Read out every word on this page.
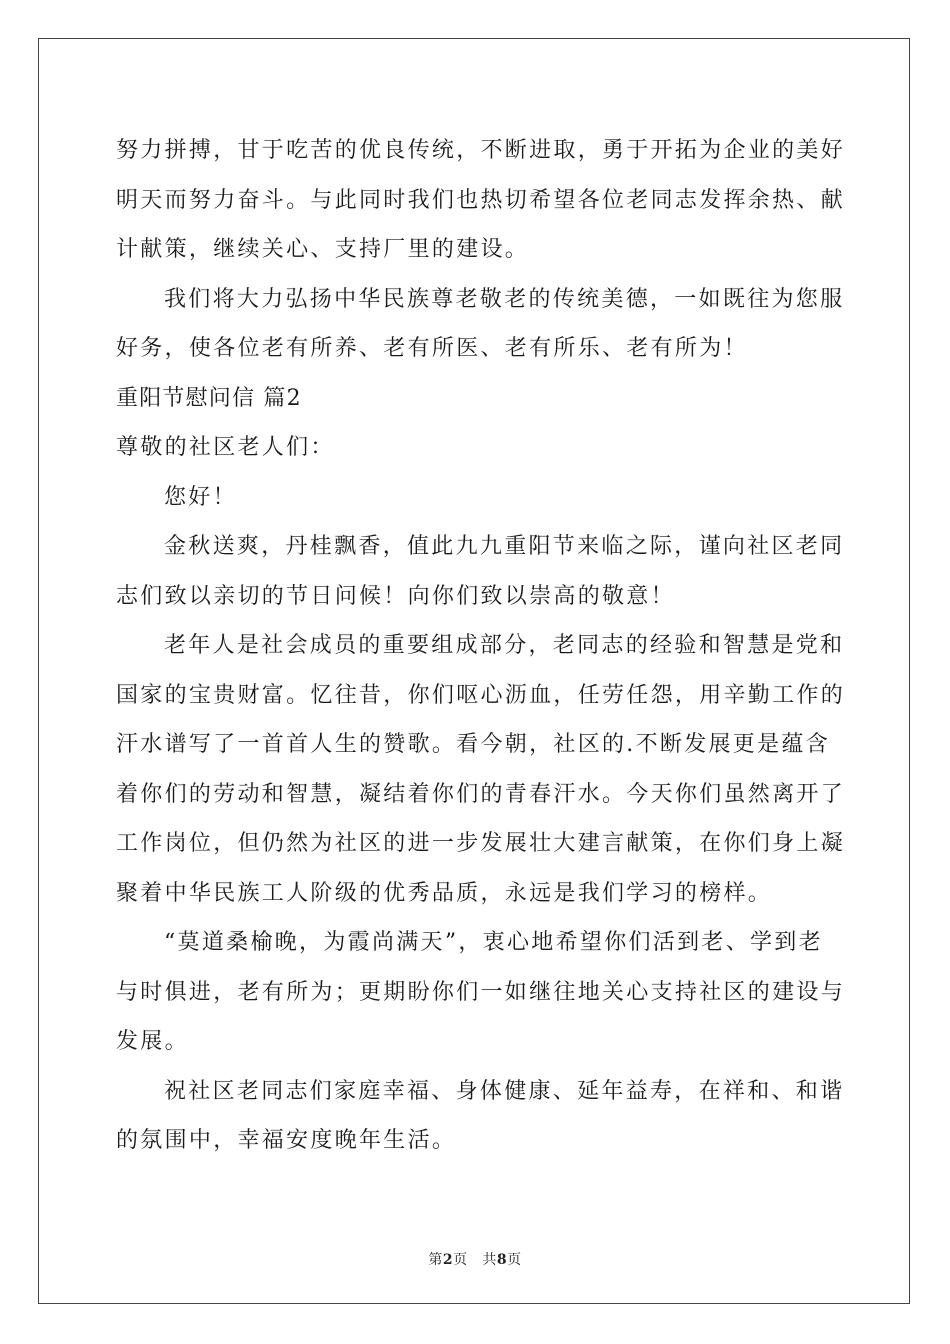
努力拼搏，甘于吃苦的优良传统，不断进取，勇于开拓为企业的美好
明天而努力奋斗。与此同时我们也热切希望各位老同志发挥余热、献
计献策，继续关心、支持厂里的建设。
我们将大力弘扬中华民族尊老敬老的传统美德，一如既往为您服
好务，使各位老有所养、老有所医、老有所乐、老有所为！
重阳节慰问信 篇2
尊敬的社区老人们：
您好！
金秋送爽，丹桂飘香，值此九九重阳节来临之际，谨向社区老同
志们致以亲切的节日问候！向你们致以崇高的敬意！
老年人是社会成员的重要组成部分，老同志的经验和智慧是党和
国家的宝贵财富。忆往昔，你们呕心沥血，任劳任怨，用辛勤工作的
汗水谱写了一首首人生的赞歌。看今朝，社区的.不断发展更是蕴含
着你们的劳动和智慧，凝结着你们的青春汗水。今天你们虽然离开了
工作岗位，但仍然为社区的进一步发展壮大建言献策，在你们身上凝
聚着中华民族工人阶级的优秀品质，永远是我们学习的榜样。
“莫道桑榆晚，为霞尚满天”，衷心地希望你们活到老、学到老
与时俱进，老有所为；更期盼你们一如继往地关心支持社区的建设与
发展。
祝社区老同志们家庭幸福、身体健康、延年益寿，在祥和、和谐
的氛围中，幸福安度晚年生活。
第2页 共8页
